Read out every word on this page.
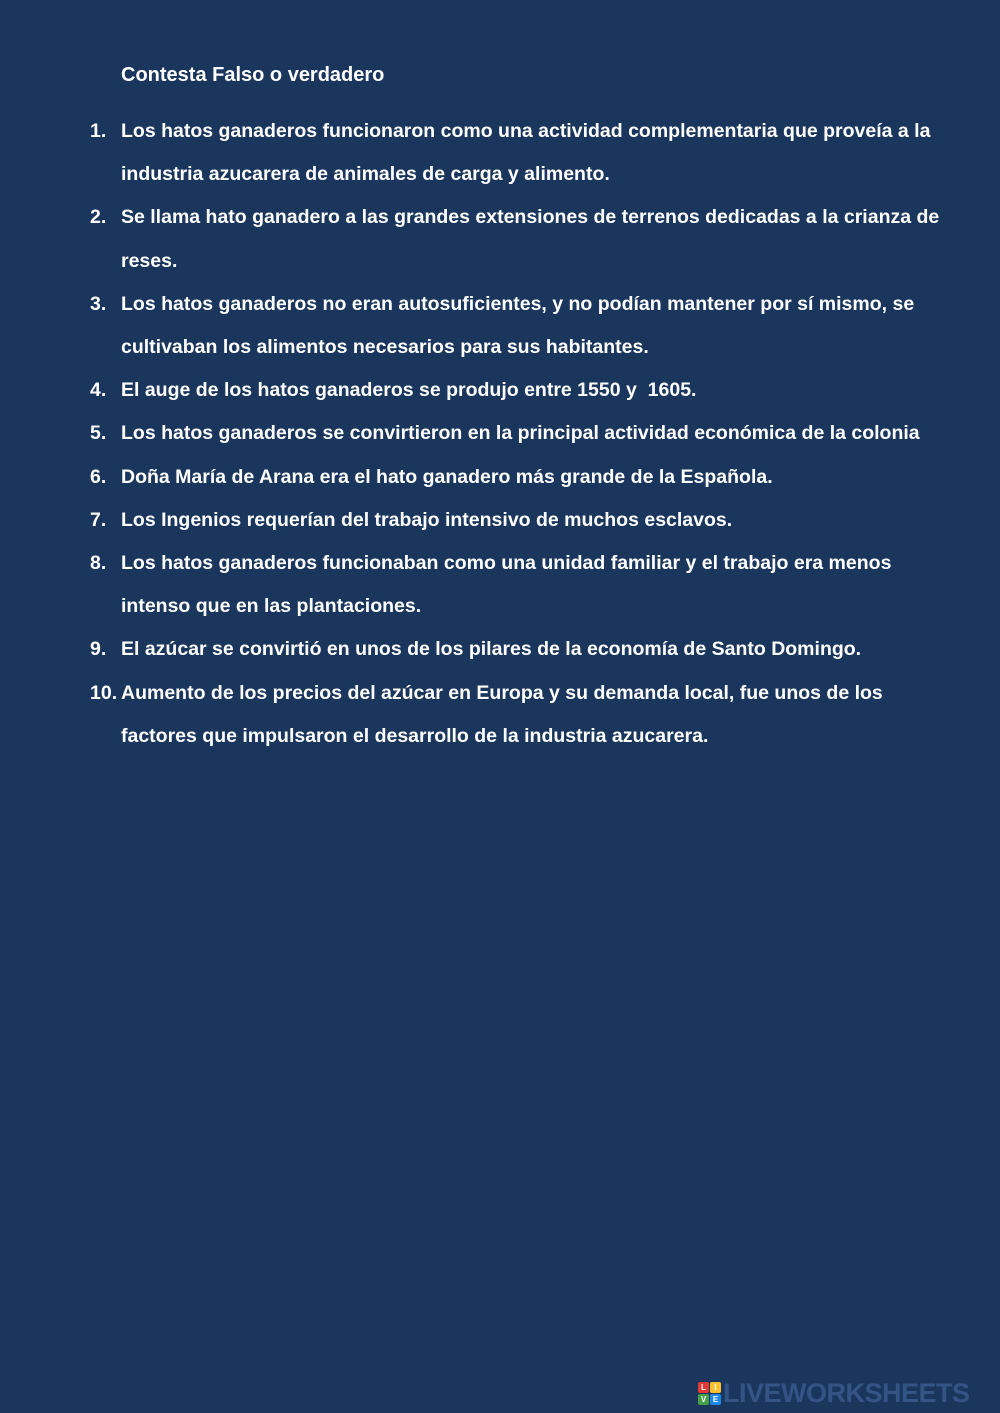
Contesta Falso o verdadero
1. Los hatos ganaderos funcionaron como una actividad complementaria que proveía a la industria azucarera de animales de carga y alimento.
2. Se llama hato ganadero a las grandes extensiones de terrenos dedicadas a la crianza de reses.
3. Los hatos ganaderos no eran autosuficientes, y no podían mantener por sí mismo, se cultivaban los alimentos necesarios para sus habitantes.
4. El auge de los hatos ganaderos se produjo entre 1550 y  1605.
5. Los hatos ganaderos se convirtieron en la principal actividad económica de la colonia
6. Doña María de Arana era el hato ganadero más grande de la Española.
7. Los Ingenios requerían del trabajo intensivo de muchos esclavos.
8. Los hatos ganaderos funcionaban como una unidad familiar y el trabajo era menos intenso que en las plantaciones.
9. El azúcar se convirtió en unos de los pilares de la economía de Santo Domingo.
10. Aumento de los precios del azúcar en Europa y su demanda local, fue unos de los factores que impulsaron el desarrollo de la industria azucarera.
L	I
V E LIVEWORKSHEETS
